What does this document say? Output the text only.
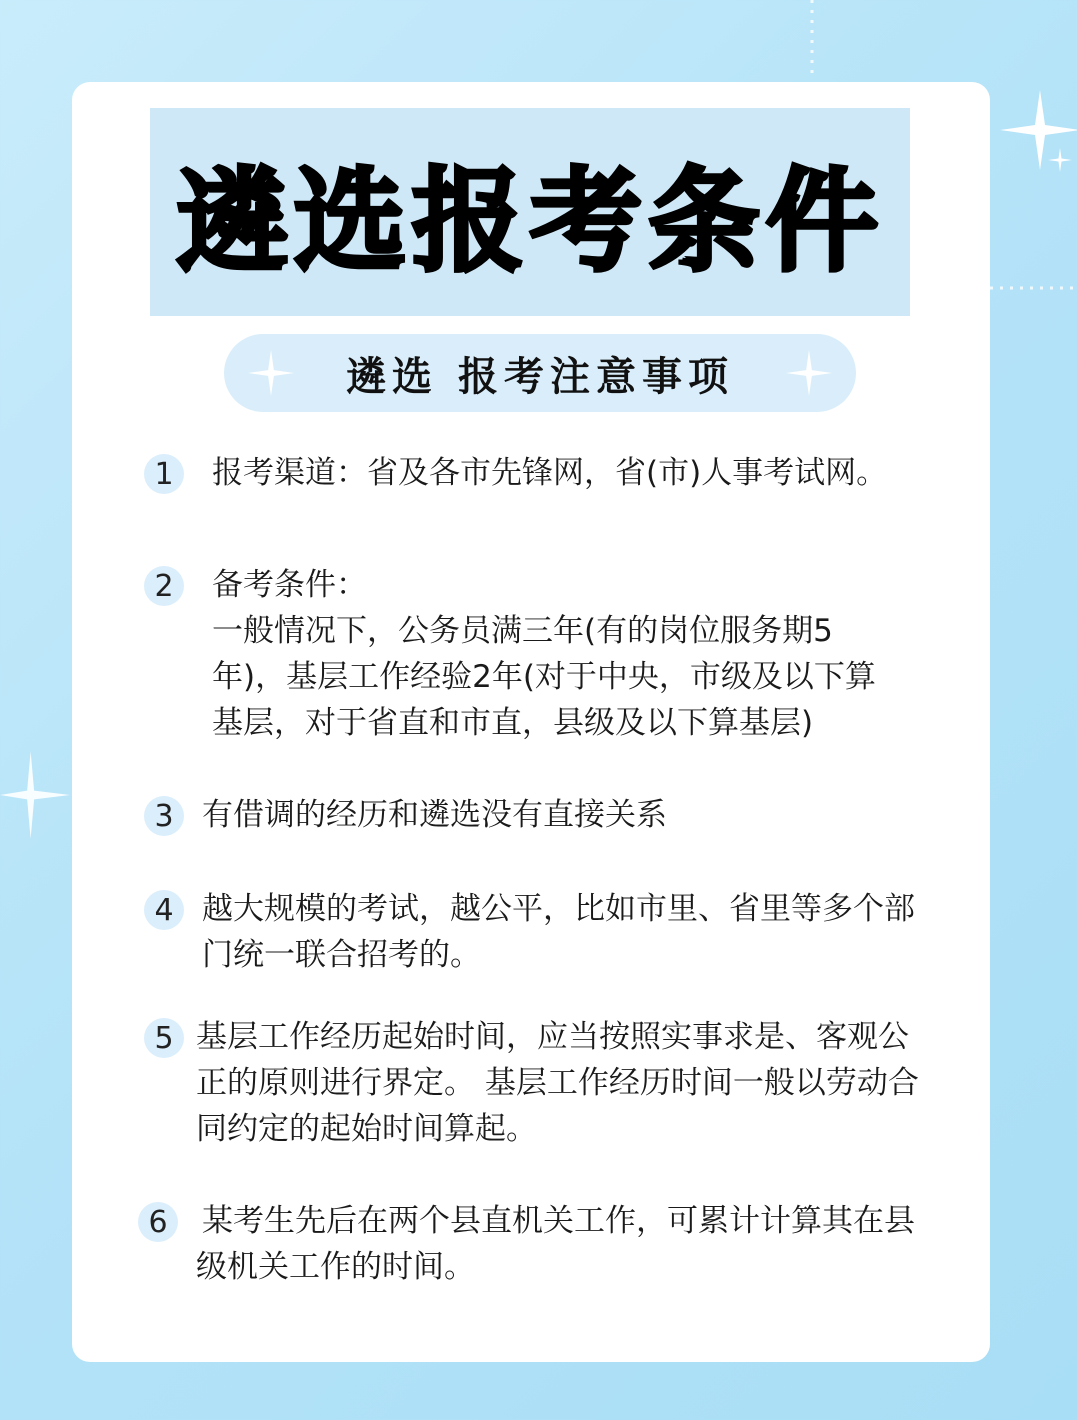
遴选报考条件
遴选 报考注意事项
1	报考渠道：省及各市先锋网，省(市)人事考试网。
2	备考条件：
一般情况下，公务员满三年(有的岗位服务期5
年)，基层工作经验2年(对于中央，市级及以下算
基层，对于省直和市直，县级及以下算基层)
3 有借调的经历和遴选没有直接关系
4 越大规模的考试，越公平，比如市里、省里等多个部
门统一联合招考的。
5 基层工作经历起始时间，应当按照实事求是、客观公
正的原则进行界定。 基层工作经历时间一般以劳动合
同约定的起始时间算起。
6	某考生先后在两个县直机关工作，可累计计算其在县
级机关工作的时间。
